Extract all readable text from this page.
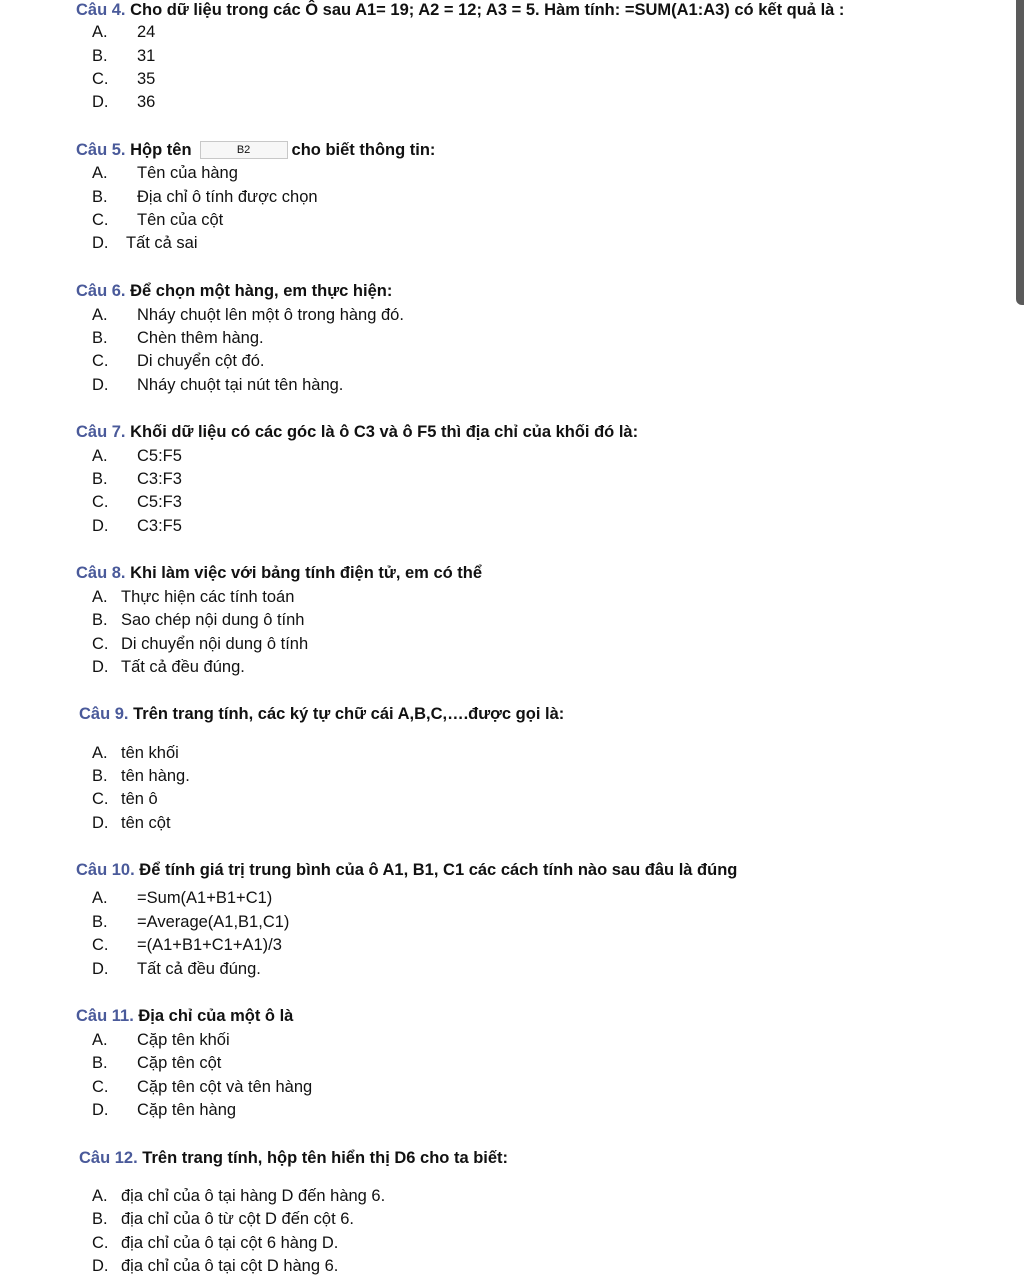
Câu 4. Cho dữ liệu trong các Ô sau A1= 19; A2 = 12; A3 = 5. Hàm tính: =SUM(A1:A3) có kết quả là :
A. 24
B. 31
C. 35
D. 36
Câu 5. Hộp tên	B2	cho biết thông tin:
A. Tên của hàng
B. Địa chỉ ô tính được chọn
C. Tên của cột
D. Tất cả sai
Câu 6. Để chọn một hàng, em thực hiện:
A. Nháy chuột lên một ô trong hàng đó.
B. Chèn thêm hàng.
C. Di chuyển cột đó.
D. Nháy chuột tại nút tên hàng.
Câu 7. Khối dữ liệu có các góc là ô C3 và ô F5 thì địa chỉ của khối đó là:
A. C5:F5
B. C3:F3
C. C5:F3
D. C3:F5
Câu 8. Khi làm việc với bảng tính điện tử, em có thể
A. Thực hiện các tính toán
B. Sao chép nội dung ô tính
C. Di chuyển nội dung ô tính
D. Tất cả đều đúng.
Câu 9. Trên trang tính, các ký tự chữ cái A,B,C,….được gọi là:
A. tên khối
B. tên hàng.
C. tên ô
D. tên cột
Câu 10. Để tính giá trị trung bình của ô A1, B1, C1 các cách tính nào sau đâu là đúng
A. =Sum(A1+B1+C1)
B. =Average(A1,B1,C1)
C. =(A1+B1+C1+A1)/3
D. Tất cả đều đúng.
Câu 11. Địa chỉ của một ô là
A. Cặp tên khối
B. Cặp tên cột
C. Cặp tên cột và tên hàng
D. Cặp tên hàng
Câu 12. Trên trang tính, hộp tên hiển thị D6 cho ta biết:
A. địa chỉ của ô tại hàng D đến hàng 6.
B. địa chỉ của ô từ cột D đến cột 6.
C. địa chỉ của ô tại cột 6 hàng D.
D. địa chỉ của ô tại cột D hàng 6.
